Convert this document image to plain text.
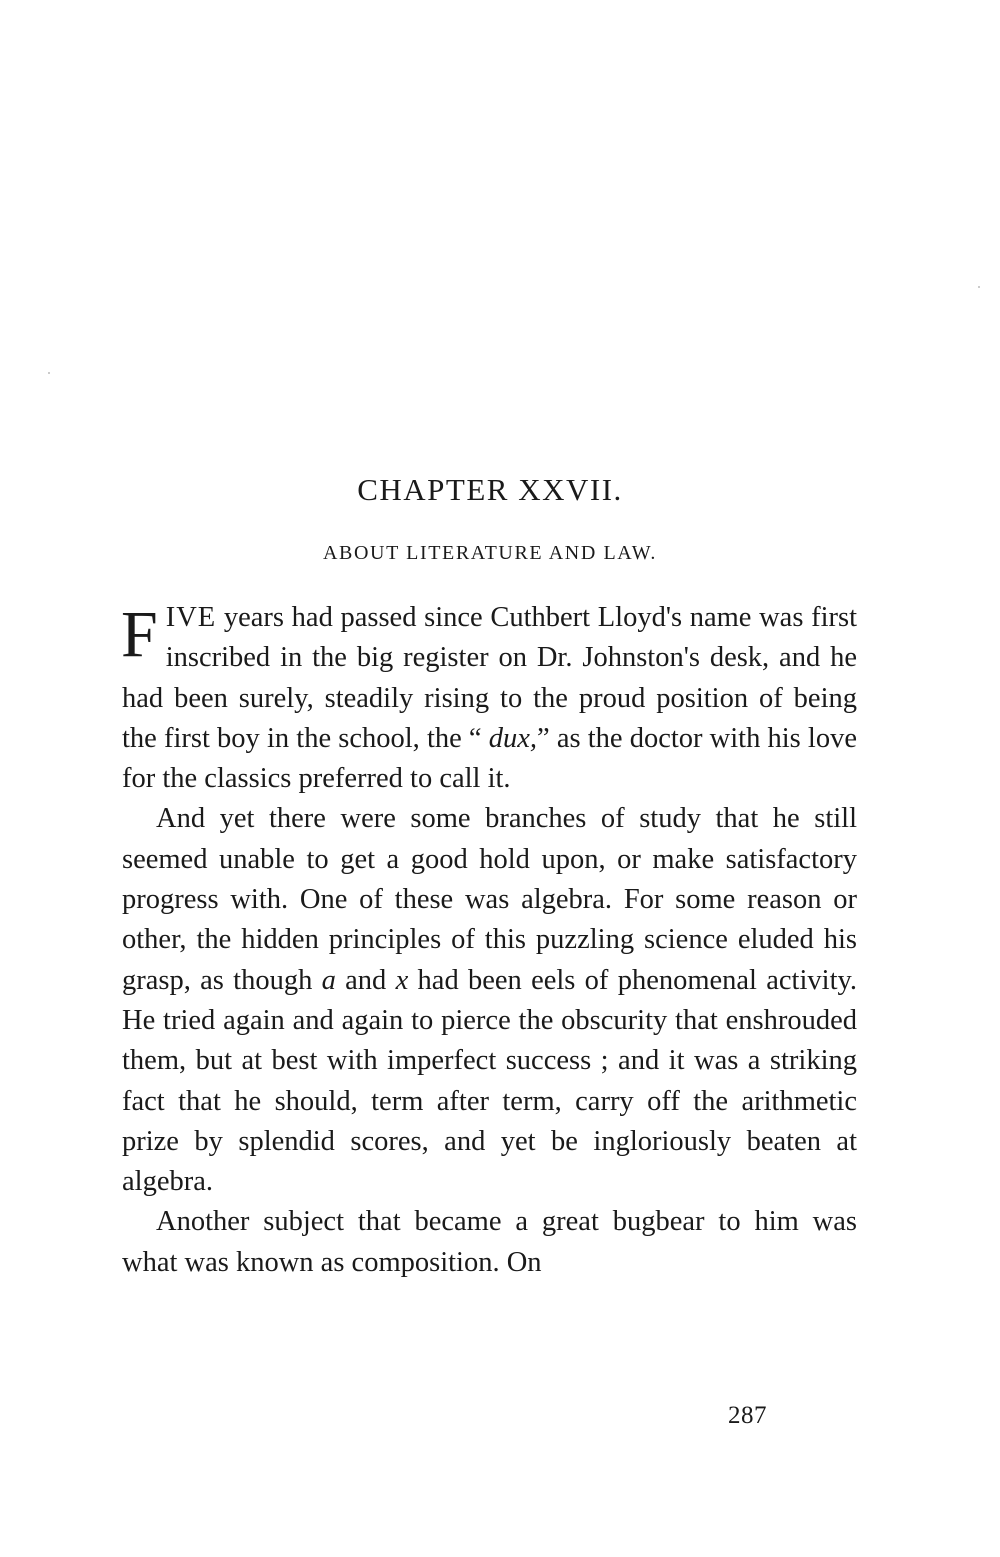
CHAPTER XXVII.
ABOUT LITERATURE AND LAW.

FIVE years had passed since Cuthbert Lloyd's name was first inscribed in the big register on Dr. Johnston's desk, and he had been surely, steadily rising to the proud position of being the first boy in the school, the “ dux,” as the doctor with his love for the classics preferred to call it.

And yet there were some branches of study that he still seemed unable to get a good hold upon, or make satisfactory progress with. One of these was algebra. For some reason or other, the hidden principles of this puzzling science eluded his grasp, as though a and x had been eels of phenomenal activity. He tried again and again to pierce the obscurity that enshrouded them, but at best with imperfect success ; and it was a striking fact that he should, term after term, carry off the arithmetic prize by splendid scores, and yet be ingloriously beaten at algebra.

Another subject that became a great bugbear to him was what was known as composition. On

287
